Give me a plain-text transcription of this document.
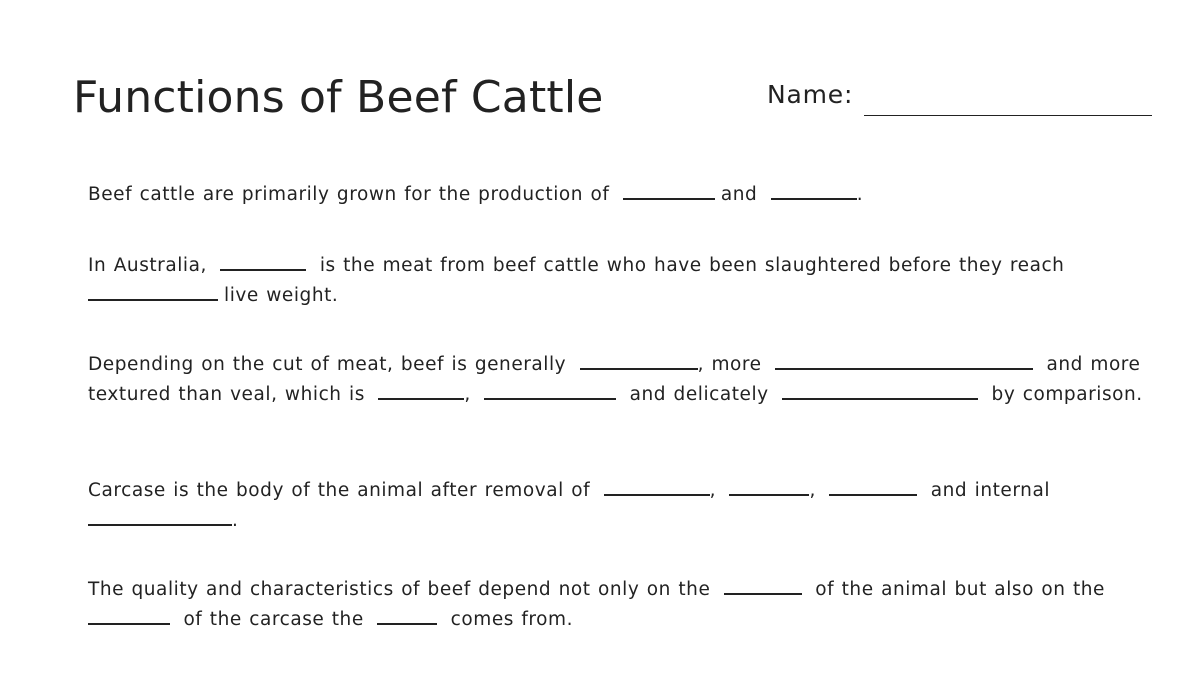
Functions of Beef Cattle	Name:

Beef cattle are primarily grown for the production of	and	.

In Australia,	is the meat from beef cattle who have been slaughtered before they reach
live weight.

Depending on the cut of meat, beef is generally	, more	and more textured than veal, which is	,	and delicately	by comparison.

Carcase is the body of the animal after removal of	,	,	and internal
.

The quality and characteristics of beef depend not only on the	of the animal but also on the
of the carcase the	comes from.
